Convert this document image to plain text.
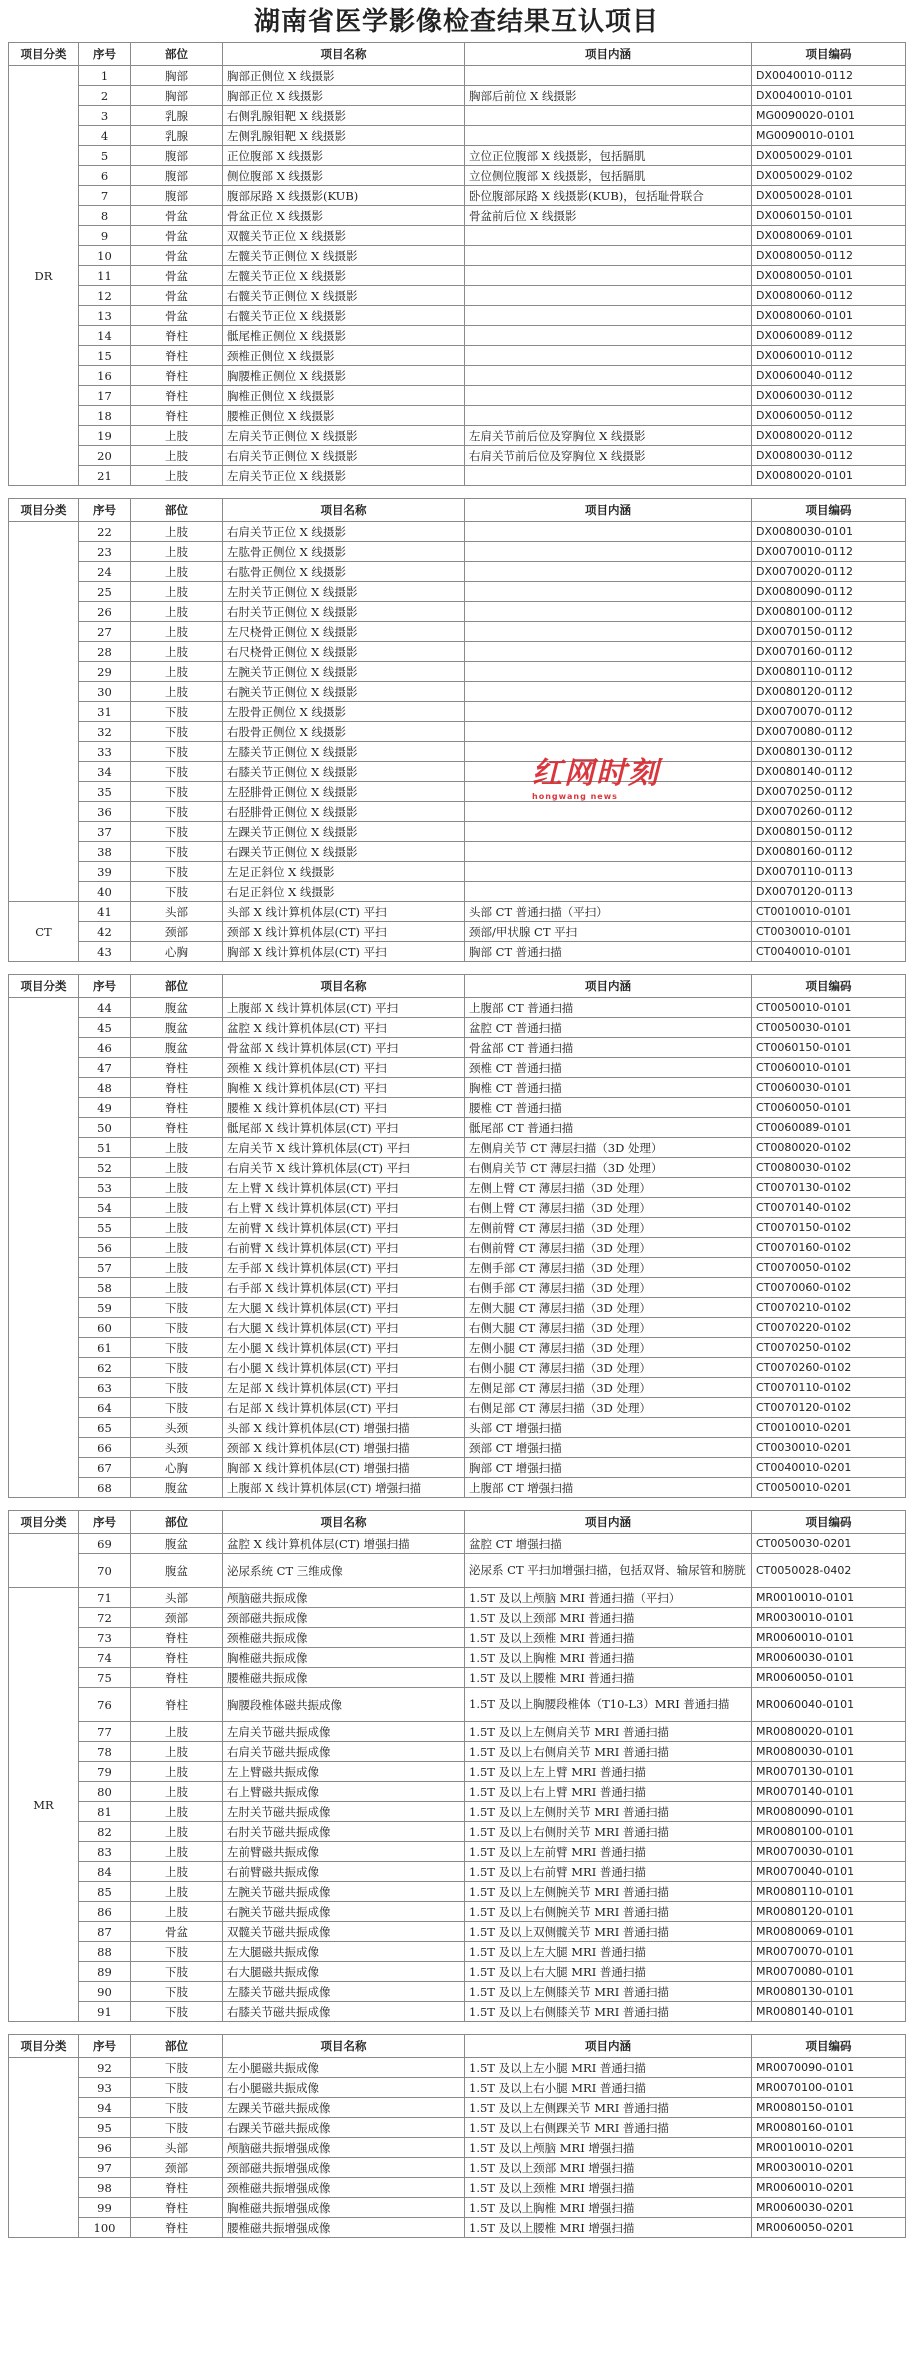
湖南省医学影像检查结果互认项目
项目分类	序号	部位	项目名称	项目内涵	项目编码
DR	1	胸部	胸部正侧位 X 线摄影		DX0040010-0112
	2	胸部	胸部正位 X 线摄影	胸部后前位 X 线摄影	DX0040010-0101
	3	乳腺	右侧乳腺钼靶 X 线摄影		MG0090020-0101
	4	乳腺	左侧乳腺钼靶 X 线摄影		MG0090010-0101
	5	腹部	正位腹部 X 线摄影	立位正位腹部 X 线摄影，包括膈肌	DX0050029-0101
	6	腹部	侧位腹部 X 线摄影	立位侧位腹部 X 线摄影，包括膈肌	DX0050029-0102
	7	腹部	腹部尿路 X 线摄影(KUB)	卧位腹部尿路 X 线摄影(KUB)，包括耻骨联合	DX0050028-0101
	8	骨盆	骨盆正位 X 线摄影	骨盆前后位 X 线摄影	DX0060150-0101
	9	骨盆	双髋关节正位 X 线摄影		DX0080069-0101
	10	骨盆	左髋关节正侧位 X 线摄影		DX0080050-0112
	11	骨盆	左髋关节正位 X 线摄影		DX0080050-0101
	12	骨盆	右髋关节正侧位 X 线摄影		DX0080060-0112
	13	骨盆	右髋关节正位 X 线摄影		DX0080060-0101
	14	脊柱	骶尾椎正侧位 X 线摄影		DX0060089-0112
	15	脊柱	颈椎正侧位 X 线摄影		DX0060010-0112
	16	脊柱	胸腰椎正侧位 X 线摄影		DX0060040-0112
	17	脊柱	胸椎正侧位 X 线摄影		DX0060030-0112
	18	脊柱	腰椎正侧位 X 线摄影		DX0060050-0112
	19	上肢	左肩关节正侧位 X 线摄影	左肩关节前后位及穿胸位 X 线摄影	DX0080020-0112
	20	上肢	右肩关节正侧位 X 线摄影	右肩关节前后位及穿胸位 X 线摄影	DX0080030-0112
	21	上肢	左肩关节正位 X 线摄影		DX0080020-0101
项目分类	序号	部位	项目名称	项目内涵	项目编码
	22	上肢	右肩关节正位 X 线摄影		DX0080030-0101
	23	上肢	左肱骨正侧位 X 线摄影		DX0070010-0112
	24	上肢	右肱骨正侧位 X 线摄影		DX0070020-0112
	25	上肢	左肘关节正侧位 X 线摄影		DX0080090-0112
	26	上肢	右肘关节正侧位 X 线摄影		DX0080100-0112
	27	上肢	左尺桡骨正侧位 X 线摄影		DX0070150-0112
	28	上肢	右尺桡骨正侧位 X 线摄影		DX0070160-0112
	29	上肢	左腕关节正侧位 X 线摄影		DX0080110-0112
	30	上肢	右腕关节正侧位 X 线摄影		DX0080120-0112
	31	下肢	左股骨正侧位 X 线摄影		DX0070070-0112
	32	下肢	右股骨正侧位 X 线摄影		DX0070080-0112
	33	下肢	左膝关节正侧位 X 线摄影		DX0080130-0112
	34	下肢	右膝关节正侧位 X 线摄影		DX0080140-0112
	35	下肢	左胫腓骨正侧位 X 线摄影		DX0070250-0112
	36	下肢	右胫腓骨正侧位 X 线摄影		DX0070260-0112
	37	下肢	左踝关节正侧位 X 线摄影		DX0080150-0112
	38	下肢	右踝关节正侧位 X 线摄影		DX0080160-0112
	39	下肢	左足正斜位 X 线摄影		DX0070110-0113
	40	下肢	右足正斜位 X 线摄影		DX0070120-0113
CT	41	头部	头部 X 线计算机体层(CT) 平扫	头部 CT 普通扫描（平扫）	CT0010010-0101
	42	颈部	颈部 X 线计算机体层(CT) 平扫	颈部/甲状腺 CT 平扫	CT0030010-0101
	43	心胸	胸部 X 线计算机体层(CT) 平扫	胸部 CT 普通扫描	CT0040010-0101
项目分类	序号	部位	项目名称	项目内涵	项目编码
	44	腹盆	上腹部 X 线计算机体层(CT) 平扫	上腹部 CT 普通扫描	CT0050010-0101
	45	腹盆	盆腔 X 线计算机体层(CT) 平扫	盆腔 CT 普通扫描	CT0050030-0101
	46	腹盆	骨盆部 X 线计算机体层(CT) 平扫	骨盆部 CT 普通扫描	CT0060150-0101
	47	脊柱	颈椎 X 线计算机体层(CT) 平扫	颈椎 CT 普通扫描	CT0060010-0101
	48	脊柱	胸椎 X 线计算机体层(CT) 平扫	胸椎 CT 普通扫描	CT0060030-0101
	49	脊柱	腰椎 X 线计算机体层(CT) 平扫	腰椎 CT 普通扫描	CT0060050-0101
	50	脊柱	骶尾部 X 线计算机体层(CT) 平扫	骶尾部 CT 普通扫描	CT0060089-0101
	51	上肢	左肩关节 X 线计算机体层(CT) 平扫	左侧肩关节 CT 薄层扫描（3D 处理）	CT0080020-0102
	52	上肢	右肩关节 X 线计算机体层(CT) 平扫	右侧肩关节 CT 薄层扫描（3D 处理）	CT0080030-0102
	53	上肢	左上臂 X 线计算机体层(CT) 平扫	左侧上臂 CT 薄层扫描（3D 处理）	CT0070130-0102
	54	上肢	右上臂 X 线计算机体层(CT) 平扫	右侧上臂 CT 薄层扫描（3D 处理）	CT0070140-0102
	55	上肢	左前臂 X 线计算机体层(CT) 平扫	左侧前臂 CT 薄层扫描（3D 处理）	CT0070150-0102
	56	上肢	右前臂 X 线计算机体层(CT) 平扫	右侧前臂 CT 薄层扫描（3D 处理）	CT0070160-0102
	57	上肢	左手部 X 线计算机体层(CT) 平扫	左侧手部 CT 薄层扫描（3D 处理）	CT0070050-0102
	58	上肢	右手部 X 线计算机体层(CT) 平扫	右侧手部 CT 薄层扫描（3D 处理）	CT0070060-0102
	59	下肢	左大腿 X 线计算机体层(CT) 平扫	左侧大腿 CT 薄层扫描（3D 处理）	CT0070210-0102
	60	下肢	右大腿 X 线计算机体层(CT) 平扫	右侧大腿 CT 薄层扫描（3D 处理）	CT0070220-0102
	61	下肢	左小腿 X 线计算机体层(CT) 平扫	左侧小腿 CT 薄层扫描（3D 处理）	CT0070250-0102
	62	下肢	右小腿 X 线计算机体层(CT) 平扫	右侧小腿 CT 薄层扫描（3D 处理）	CT0070260-0102
	63	下肢	左足部 X 线计算机体层(CT) 平扫	左侧足部 CT 薄层扫描（3D 处理）	CT0070110-0102
	64	下肢	右足部 X 线计算机体层(CT) 平扫	右侧足部 CT 薄层扫描（3D 处理）	CT0070120-0102
	65	头颈	头部 X 线计算机体层(CT) 增强扫描	头部 CT 增强扫描	CT0010010-0201
	66	头颈	颈部 X 线计算机体层(CT) 增强扫描	颈部 CT 增强扫描	CT0030010-0201
	67	心胸	胸部 X 线计算机体层(CT) 增强扫描	胸部 CT 增强扫描	CT0040010-0201
	68	腹盆	上腹部 X 线计算机体层(CT) 增强扫描	上腹部 CT 增强扫描	CT0050010-0201
项目分类	序号	部位	项目名称	项目内涵	项目编码
	69	腹盆	盆腔 X 线计算机体层(CT) 增强扫描	盆腔 CT 增强扫描	CT0050030-0201
	70	腹盆	泌尿系统 CT 三维成像	泌尿系 CT 平扫加增强扫描，包括双肾、输尿管和膀胱	CT0050028-0402
MR	71	头部	颅脑磁共振成像	1.5T 及以上颅脑 MRI 普通扫描（平扫）	MR0010010-0101
	72	颈部	颈部磁共振成像	1.5T 及以上颈部 MRI 普通扫描	MR0030010-0101
	73	脊柱	颈椎磁共振成像	1.5T 及以上颈椎 MRI 普通扫描	MR0060010-0101
	74	脊柱	胸椎磁共振成像	1.5T 及以上胸椎 MRI 普通扫描	MR0060030-0101
	75	脊柱	腰椎磁共振成像	1.5T 及以上腰椎 MRI 普通扫描	MR0060050-0101
	76	脊柱	胸腰段椎体磁共振成像	1.5T 及以上胸腰段椎体（T10-L3）MRI 普通扫描	MR0060040-0101
	77	上肢	左肩关节磁共振成像	1.5T 及以上左侧肩关节 MRI 普通扫描	MR0080020-0101
	78	上肢	右肩关节磁共振成像	1.5T 及以上右侧肩关节 MRI 普通扫描	MR0080030-0101
	79	上肢	左上臂磁共振成像	1.5T 及以上左上臂 MRI 普通扫描	MR0070130-0101
	80	上肢	右上臂磁共振成像	1.5T 及以上右上臂 MRI 普通扫描	MR0070140-0101
	81	上肢	左肘关节磁共振成像	1.5T 及以上左侧肘关节 MRI 普通扫描	MR0080090-0101
	82	上肢	右肘关节磁共振成像	1.5T 及以上右侧肘关节 MRI 普通扫描	MR0080100-0101
	83	上肢	左前臂磁共振成像	1.5T 及以上左前臂 MRI 普通扫描	MR0070030-0101
	84	上肢	右前臂磁共振成像	1.5T 及以上右前臂 MRI 普通扫描	MR0070040-0101
	85	上肢	左腕关节磁共振成像	1.5T 及以上左侧腕关节 MRI 普通扫描	MR0080110-0101
	86	上肢	右腕关节磁共振成像	1.5T 及以上右侧腕关节 MRI 普通扫描	MR0080120-0101
	87	骨盆	双髋关节磁共振成像	1.5T 及以上双侧髋关节 MRI 普通扫描	MR0080069-0101
	88	下肢	左大腿磁共振成像	1.5T 及以上左大腿 MRI 普通扫描	MR0070070-0101
	89	下肢	右大腿磁共振成像	1.5T 及以上右大腿 MRI 普通扫描	MR0070080-0101
	90	下肢	左膝关节磁共振成像	1.5T 及以上左侧膝关节 MRI 普通扫描	MR0080130-0101
	91	下肢	右膝关节磁共振成像	1.5T 及以上右侧膝关节 MRI 普通扫描	MR0080140-0101
项目分类	序号	部位	项目名称	项目内涵	项目编码
	92	下肢	左小腿磁共振成像	1.5T 及以上左小腿 MRI 普通扫描	MR0070090-0101
	93	下肢	右小腿磁共振成像	1.5T 及以上右小腿 MRI 普通扫描	MR0070100-0101
	94	下肢	左踝关节磁共振成像	1.5T 及以上左侧踝关节 MRI 普通扫描	MR0080150-0101
	95	下肢	右踝关节磁共振成像	1.5T 及以上右侧踝关节 MRI 普通扫描	MR0080160-0101
	96	头部	颅脑磁共振增强成像	1.5T 及以上颅脑 MRI 增强扫描	MR0010010-0201
	97	颈部	颈部磁共振增强成像	1.5T 及以上颈部 MRI 增强扫描	MR0030010-0201
	98	脊柱	颈椎磁共振增强成像	1.5T 及以上颈椎 MRI 增强扫描	MR0060010-0201
	99	脊柱	胸椎磁共振增强成像	1.5T 及以上胸椎 MRI 增强扫描	MR0060030-0201
	100	脊柱	腰椎磁共振增强成像	1.5T 及以上腰椎 MRI 增强扫描	MR0060050-0201
红网时刻
hongwang news
